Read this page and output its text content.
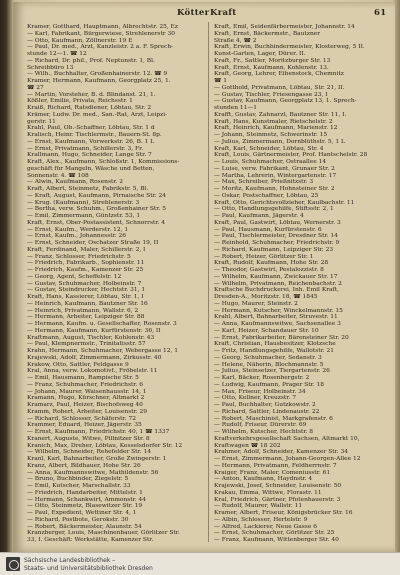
Kötter Kraft	61
Kramer, Gotthard, Hauptmann, Albrechtstr. 25, Ez
— Karl, Fabrikant, Bürgerwiese, Strehlenerstr 30
— Otto, Kaufmann, Zöllnerstr. 19 E
— Paul, Dr. med., Arzt, Kanzleistr. 2 a. F. Sprech-
stunde 12—1. ☎ 12
— Richard, Dr. phil., Prof. Neptunstr. 1, Bl.
Schreibbüro 13
— Wilh., Buchhalter, Großenhainerstr. 12. ☎ 9
Kramer, Hermann, Kaufmann, Georgplatz 25, 1.
☎ 27
— Martin, Vorsteher, B. d. Blindanst. 21, 1.
Kößler, Emilie, Privata, Reichsstr. 1
Kraiß, Richard, Ratsdiener, Löbtau, Str. 2
Krämer, Ludw. Dr. med., San.-Rat, Arzt, Leipzi-
gerstr. 11
Krahl, Paul, Ob.-Schaffner, Löbtau, Str. 1 d
Kralisch, Heinr. Tischlermstr., Bauern-St. 8p.
— Ernst, Kaufmann, Vorwerkstr. 26, B. 1 L
— Ernst, Privatmann, Schillerstr. 3, Fr.
Krallmann, Hugo, Schneider, Lange Str. 7
Kraft, Alex., Kaufmann, Schloßstr. 1, Kommissions-
geschäft für Mangeln, Wäsche und Betten,
Sonnenstr. 4. ☎ 108
— Alwin, Kaufmann, Rosenstr. 2
Kraft, Albert, Steinmetz, Fabrikstr. 5, Bl.
— Kraft, August, Kaufmann, Pirnaische Str. 24
— Krug. (Kaufmann), Strehlenerstr. 3
— Bertha, verw. Schuhm., Großenhainer Str. 5
— Emil, Zimmermann, Güntzstr. 53, 1
Kraft, Ernst, Ober-Postassistent, Schnorrstr. 4
— Ernst, Kaufm., Werderstr. 12, 1
— Ernst, Kaufm., Johannesstr. 26
— Ernst, Schneider, Oschatzer Straße 19, II
Kraft, Ferdinand, Maler, Schillerstr. 2, I
— Franz, Schlosser, Friedrichstr. 5
— Friedrich, Fabrikarb., Sophienstr. 11
— Friedrich, Kaufm., Kamenzer Str. 25
— Georg, Agent, Scheffelstr. 12
— Gustav, Schuhmacher, Holbeinstr. 7
— Gustav, Steindrucker, Hechtstr. 31, 1
Kraft, Hans, Kassierer, Löbtau, Str. 1, I
— Heinrich, Kaufmann, Bautzner Str. 16
— Heinrich, Privatmann, Wallstr. 6, 2
— Hermann, Arbeiter, Leipziger Str. 88
— Hermann, Kaufm. u. Gesellschafter, Rosenstr. 3
— Hermann, Kaufmann, Kurfürstenstr. 36, II
Kraftmann, August, Tischler, Kohlenstr. 43
— Paul, Klempnermstr., Trinitatisstr. 57
Krahn, Hermann, Schuhmacher, Webergasse 12, 1
Krajewski, Adolf, Zimmermann, Zirkusstr. 40
Krakow, Otto, Sattler, Feldgasse 9
Kral, Anna, verw. Lokomotivf., Fröbelstr. 11
— Emil, Hausmann, Rampische Str. 5
— Franz, Schuhmacher, Friedrichstr. 6
— Johann, Maurer, Waisenhausstr. 14, 1
Kramann, Hugo, Kürschner, Altmarkt 2
Kramarz, Paul, Heizer, Bischofsweg 40
Kramm, Robert, Arbeiter, Louisenstr. 29
— Richard, Schlosser, Schäferstr. 72
Krammer, Eduard, Heizer, Jägerstr. 35
— Ernst, Kaufmann, Friedrichstr. 40, 1 ☎ 1337
Kranert, Auguste, Witwe, Pillnitzer Str. 8
Kranich, Max, Dreher, Löbtau, Kesselsdorfer Str. 12
— Wilhelm, Schneider, Rehefelder Str. 14
Kranl, Karl, Bahnarbeiter, Große Zwingerstr. 1
Kranz, Albert, Bildhauer, Hohe Str. 26
— Anna, Kaufmannswitwe, Mathildenstr. 56
— Bruno, Buchbinder, Ziegelstr. 5
— Emil, Kutscher, Marschallstr. 33
— Friedrich, Handarbeiter, Mittelstr. 1
— Hermann, Schankwirt, Ammonstr. 44
— Otto, Steinmetz, Blasewitzer Str. 19
— Paul, Expedient, Wettiner Str. 4, 1
— Richard, Postbote, Gerokstr. 30
— Robert, Bäckermeister, Alaunstr. 54
Kranzberger, Louis, Maschinenbauer, Görlitzer Str.
33, I. Geschäft: Werkstätte, Kamenzer Str.
Kraft, Emil, Seidenfärbermeister, Johannstr. 14
Kraft, Ernst, Bäckermstr., Bautzner
Straße 4, ☎ 2
Kraft, Erwin, Buchbindermeister, Klosterweg, 5 II.
Kunst-Garten, Lager, Dürer. II.
Kraft, Fr., Sattler, Moritzburger Str. 13
Kraft, Ernst, Kaufmann, Kohlenstr. 13.
Kraft, Georg, Lehrer, Eibenstock, Chemnitz
☎ 1
— Gotthold, Privatmann, Löbtau, Str. 21, II.
— Gustav, Tischler, Friesengasse 23, I
— Gustav, Kaufmann, Georgplatz 13, 1. Sprech-
stunden 11—1
Krafft, Gustav, Zahnarzt, Bautzner Str. 11, I.
Kraft, Hans, Kunstmaler, Rietschelstr. 2
Kraft, Heinrich, Kaufmann, Marienstr. 12
— Johann, Steinmetz, Schwerinstr. 15
— Julius, Zimmermann, Dornblüthstr. 5, 1 L
Kraft, Karl, Schneider, Löbtau, Str. 4
Kraft, Louis, Gärtnermeister, Prof. Hantschelstr. 28
— Louis, Schuhmacher, Ostraallee 14
— Luise, verw. Fabrikant, Grunaer Str. 2
— Martha, Lehrerin, Wintergartenstr. 17
— Max, Schreiber, Prießnitzstr. 3
— Moritz, Kaufmann, Hohnsteiner Str. 2
— Oskar, Postschaffner, Löbtau, 25
Kraft, Otto, Gerichtsvollzieher, Kaulbachstr. 11
— Otto, Handlungsgehilfe, Stiftsstr. 2, 1
— Paul, Kaufmann, Jägerstr. 4
Kraft, Paul, Gastwirt, Löbtau, Wernerstr. 3
— Paul, Hausmann, Kurfürstenstr. 6
— Paul, Tischlermeister, Dresdner Str. 14
— Reinhold, Schuhmacher, Friedrichstr. 9
— Richard, Kaufmann, Leipziger Str. 23
— Robert, Heizer, Görlitzer Str. 1
Kraft, Rudolf, Kaufmann, Hohe Str. 28
— Theodor, Gastwirt, Pestalozzistr. 8
— Wilhelm, Kaufmann, Zwickauer Str. 17
— Wilhelm, Privatmann, Reichenbachstr. 2
Kraftsche Buchdruckerei, Inh. Emil Kraft,
Dresden-A., Moritzstr. 18, ☎ 1845
— Hugo, Maurer, Steinstr. 2
— Hermann, Kutscher, Winckelmannstr. 15
Krahl, Albert, Bahnarbeiter, Struvestr. 11
— Anna, Kaufmannswitwe, Sachsenallee 3
— Karl, Heizer, Schandauer Str. 10
— Ernst, Fabrikarbeiter, Bärensteiner Str. 20
Kraft, Christian, Hausbesitzer, Klotzsche
— Fritz, Handlungsgehilfe, Wallotstr. 21
— Georg, Schuhmacher, Sedanstr. 3
— Helene, Näherin, Blochmannstr. 5
— Julius, Steinsetzer, Tiergartenstr. 26
— Karl, Bäcker, Rosenbergstr. 2
— Ludwig, Kaufmann, Prager Str. 18
— Max, Friseur, Holbeinstr. 34
— Otto, Kellner, Kreuzstr. 7
— Paul, Buchhalter, Gutzkowstr. 2
— Richard, Sattler, Lindenaustr. 22
— Robert, Maschinist, Markgrafenstr. 6
— Rudolf, Friseur, Dürerstr. 69
— Wilhelm, Kutscher, Hechtstr. 8
Kraftverkehrsgesellschaft Sachsen, Altmarkt 10,
Kraftwagen ☎ 18 202
Krahmer, Adolf, Schneider, Kamenzer Str. 34
— Ernst, Zimmermann, Johann-Georgen-Allee 12
— Hermann, Privatmann, Feldherrnstr. 7
Kraiger, Franz, Maler, Comeniusstr. 61
— Anton, Kaufmann, Haydnstr. 4
Krajewski, Josef, Schneider, Louisenstr. 50
Krakau, Emma, Wittwe, Florastr. 11
Kral, Friedrich, Gärtner, Pfotenhauerstr. 3
— Rudolf, Maurer, Wallstr. 11
Kramer, Albert, Friseur, Königsbrücker Str. 16
— Albin, Schlosser, Hertelstr. 9
— Alfred, Lackierer, Neue Gasse 6
— Ernst, Schuhmacher, Görlitzer Str. 25
— Franz, Kaufmann, Wittenberger Str. 40
Sächsische Landesbibliothek –
Staats- und Universitätsbibliothek Dresden
